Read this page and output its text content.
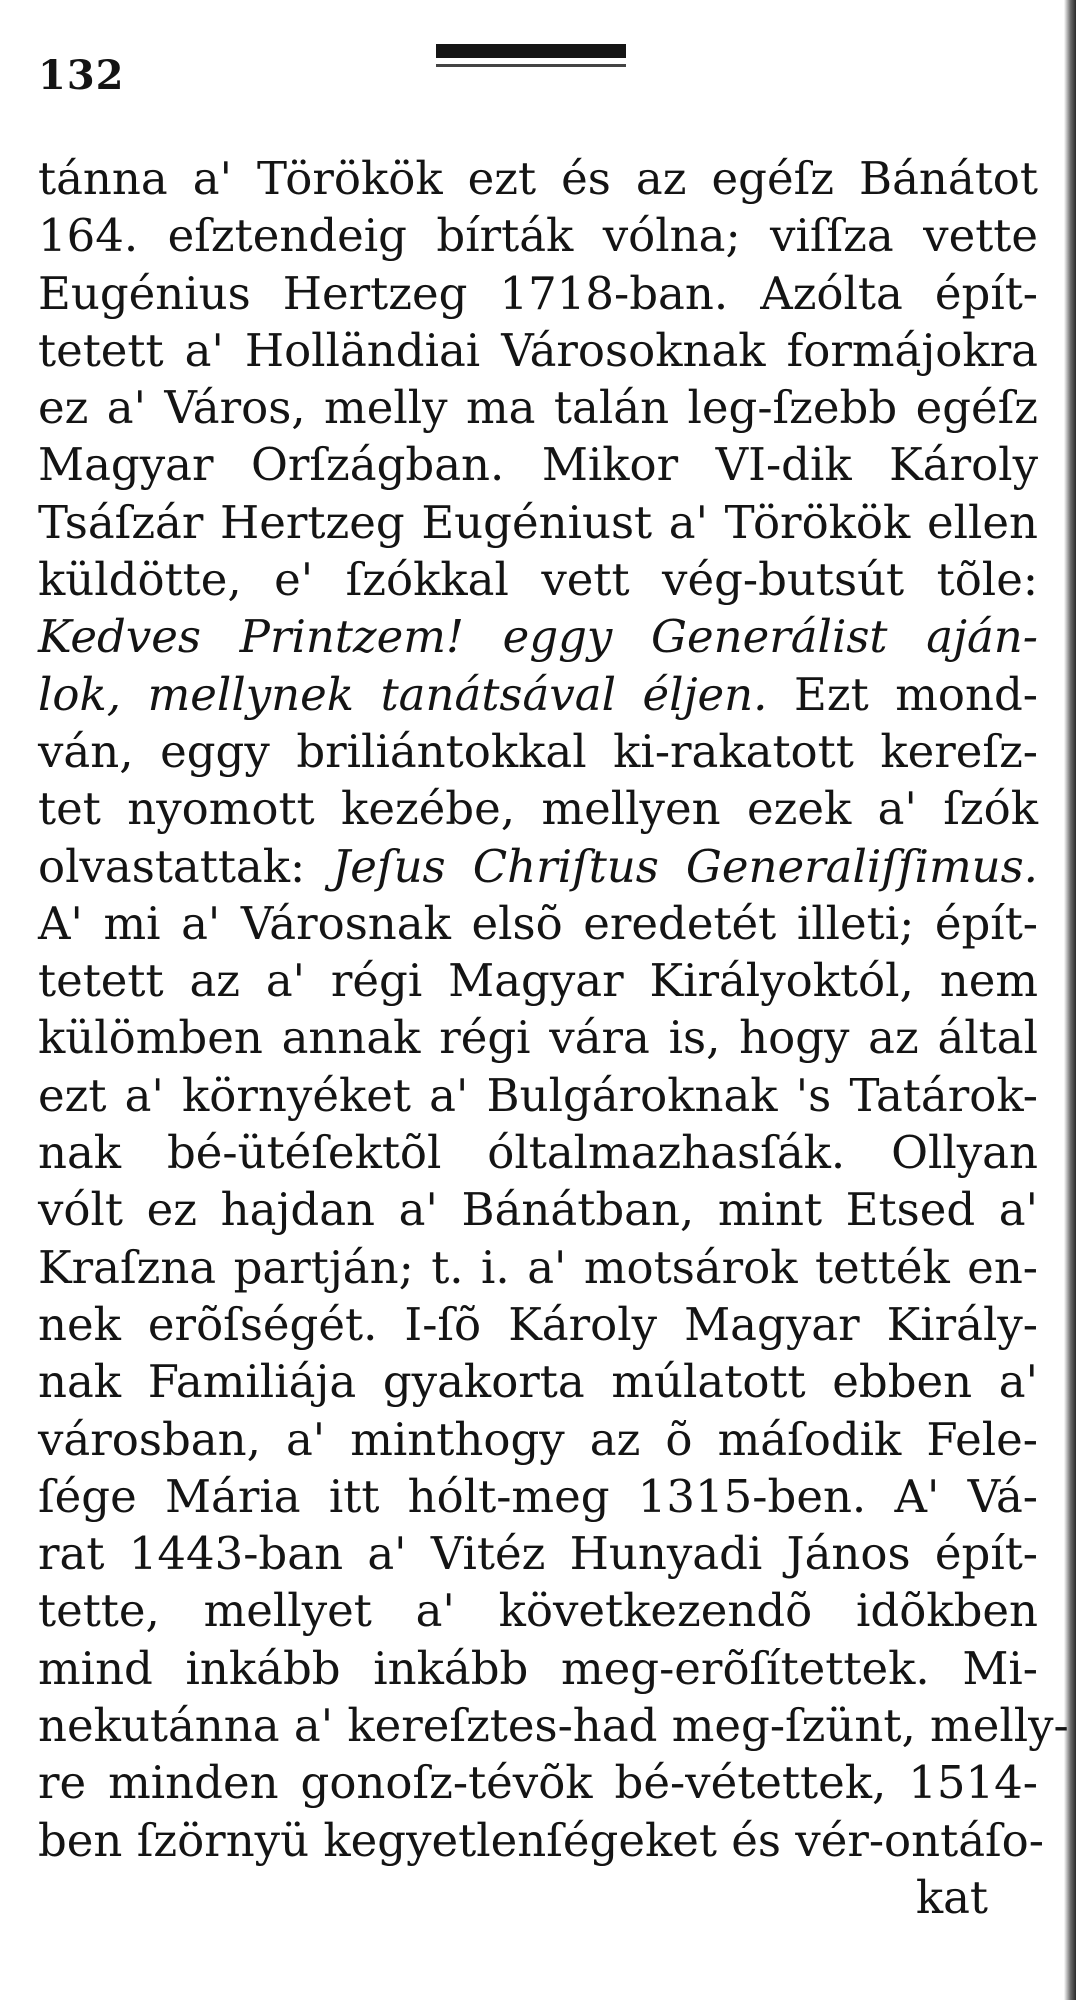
132
tánna a' Törökök ezt és az egéſz Bánátot
164. eſztendeig bírták vólna; viſſza vette
Eugénius Hertzeg 1718-ban. Azólta épít-
tetett a' Holländiai Városoknak formájokra
ez a' Város, melly ma talán leg-ſzebb egéſz
Magyar Orſzágban. Mikor VI-dik Károly
Tsáſzár Hertzeg Eugéniust a' Törökök ellen
küldötte, e' ſzókkal vett vég-butsút tõle:
Kedves Printzem! eggy Generálist aján-
lok, mellynek tanátsával éljen. Ezt mond-
ván, eggy briliántokkal ki-rakatott kereſz-
tet nyomott kezébe, mellyen ezek a' ſzók
olvastattak: Jeſus Chriſtus Generaliſſimus.
A' mi a' Városnak elsõ eredetét illeti; épít-
tetett az a' régi Magyar Királyoktól, nem
külömben annak régi vára is, hogy az által
ezt a' környéket a' Bulgároknak 's Tatárok-
nak bé-ütéſektõl óltalmazhasſák. Ollyan
vólt ez hajdan a' Bánátban, mint Etsed a'
Kraſzna partján; t. i. a' motsárok tették en-
nek erõſségét. I-ſõ Károly Magyar Király-
nak Familiája gyakorta múlatott ebben a'
városban, a' minthogy az õ máſodik Fele-
ſége Mária itt hólt-meg 1315-ben. A' Vá-
rat 1443-ban a' Vitéz Hunyadi János épít-
tette, mellyet a' következendõ idõkben
mind inkább inkább meg-erõſítettek. Mi-
nekutánna a' kereſztes-had meg-ſzünt, melly-
re minden gonoſz-tévõk bé-vétettek, 1514-
ben ſzörnyü kegyetlenſégeket és vér-ontáſo-
kat
